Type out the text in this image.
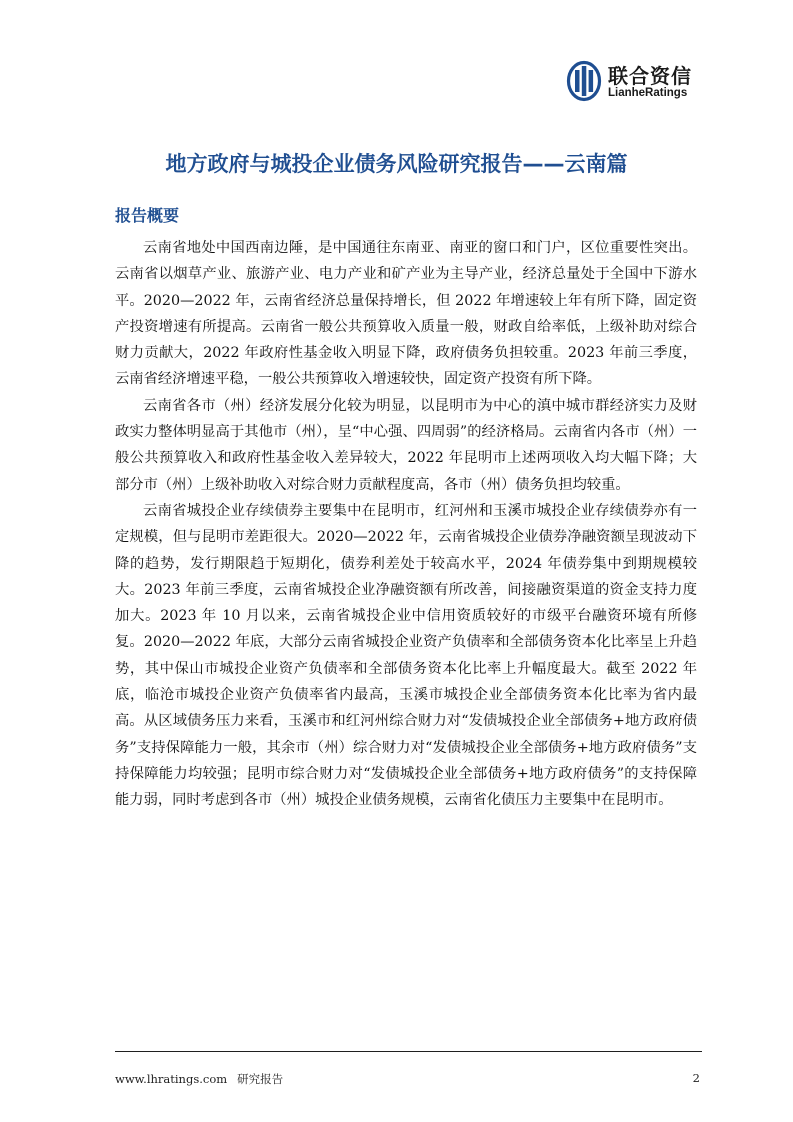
联合资信
LianheRatings
地方政府与城投企业债务风险研究报告——云南篇
报告概要

云南省地处中国西南边陲，是中国通往东南亚、南亚的窗口和门户，区位重要性突出。云南省以烟草产业、旅游产业、电力产业和矿产业为主导产业，经济总量处于全国中下游水平。2020—2022 年，云南省经济总量保持增长，但 2022 年增速较上年有所下降，固定资产投资增速有所提高。云南省一般公共预算收入质量一般，财政自给率低，上级补助对综合财力贡献大，2022 年政府性基金收入明显下降，政府债务负担较重。2023 年前三季度，云南省经济增速平稳，一般公共预算收入增速较快，固定资产投资有所下降。

云南省各市（州）经济发展分化较为明显，以昆明市为中心的滇中城市群经济实力及财政实力整体明显高于其他市（州），呈“中心强、四周弱”的经济格局。云南省内各市（州）一般公共预算收入和政府性基金收入差异较大，2022 年昆明市上述两项收入均大幅下降；大部分市（州）上级补助收入对综合财力贡献程度高，各市（州）债务负担均较重。

云南省城投企业存续债券主要集中在昆明市，红河州和玉溪市城投企业存续债券亦有一定规模，但与昆明市差距很大。2020—2022 年，云南省城投企业债券净融资额呈现波动下降的趋势，发行期限趋于短期化，债券利差处于较高水平，2024 年债券集中到期规模较大。2023 年前三季度，云南省城投企业净融资额有所改善，间接融资渠道的资金支持力度加大。2023 年 10 月以来，云南省城投企业中信用资质较好的市级平台融资环境有所修复。2020—2022 年底，大部分云南省城投企业资产负债率和全部债务资本化比率呈上升趋势，其中保山市城投企业资产负债率和全部债务资本化比率上升幅度最大。截至 2022 年底，临沧市城投企业资产负债率省内最高，玉溪市城投企业全部债务资本化比率为省内最高。从区域债务压力来看，玉溪市和红河州综合财力对“发债城投企业全部债务+地方政府债务”支持保障能力一般，其余市（州）综合财力对“发债城投企业全部债务+地方政府债务”支持保障能力均较强；昆明市综合财力对“发债城投企业全部债务+地方政府债务”的支持保障能力弱，同时考虑到各市（州）城投企业债务规模，云南省化债压力主要集中在昆明市。

www.lhratings.com 研究报告	2
